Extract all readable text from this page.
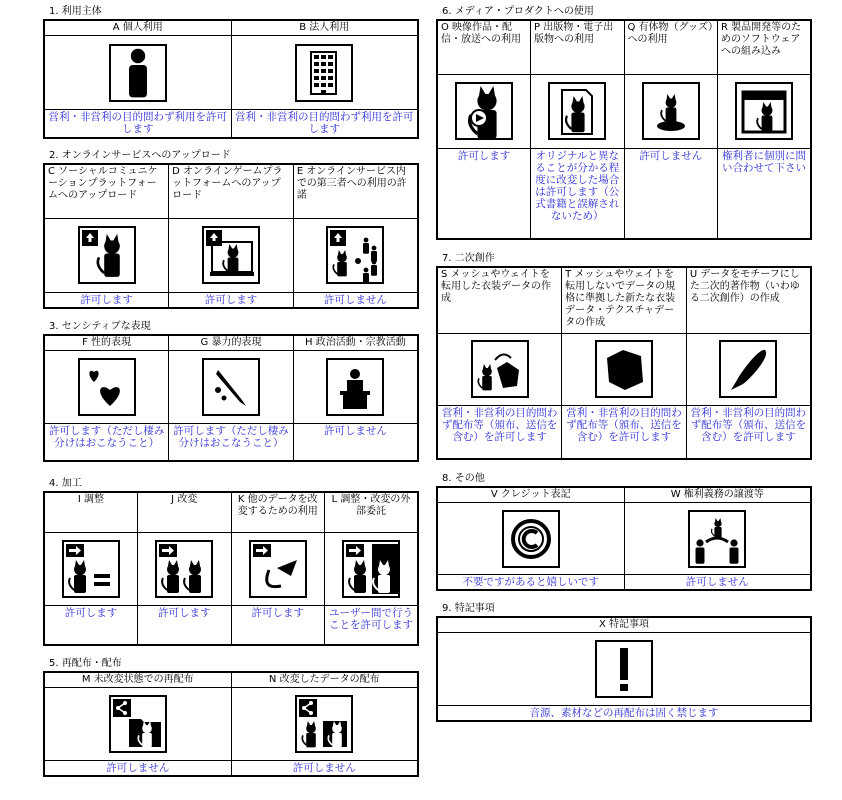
1. 利用主体
A 個人利用	B 法人利用

営利・非営利の目的問わず利用を許可します	営利・非営利の目的問わず利用を許可します
2. オンラインサービスへのアップロード
C ソーシャルコミュニケーションプラットフォームへのアップロード	D オンラインゲームプラットフォームへのアップロード	E オンラインサービス内での第三者への利用の許諾

許可します	許可します	許可しません
3. センシティブな表現
F 性的表現	G 暴力的表現	H 政治活動・宗教活動

許可します（ただし棲み分けはおこなうこと）	許可します（ただし棲み分けはおこなうこと）	許可しません
4. 加工
I 調整	J 改変	K 他のデータを改変するための利用	L 調整・改変の外部委託

許可します	許可します	許可します	ユーザー間で行うことを許可します
5. 再配布・配布
M 未改変状態での再配布	N 改変したデータの配布

許可しません	許可しません
6. メディア・プロダクトへの使用
O 映像作品・配信・放送への利用	P 出版物・電子出版物への利用	Q 有体物（グッズ）への利用	R 製品開発等のためのソフトウェアへの組み込み

許可します	オリジナルと異なることが分かる程度に改変した場合は許可します（公式書籍と誤解されないため）	許可しません	権利者に個別に問い合わせて下さい
7. 二次創作
S メッシュやウェイトを転用した衣装データの作成	T メッシュやウェイトを転用しないでデータの規格に準拠した新たな衣装データ・テクスチャデータの作成	U データをモチーフにした二次的著作物（いわゆる二次創作）の作成

営利・非営利の目的問わず配布等（頒布、送信を含む）を許可します	営利・非営利の目的問わず配布等（頒布、送信を含む）を許可します	営利・非営利の目的問わず配布等（頒布、送信を含む）を許可します
8. その他
V クレジット表記	W 権利義務の譲渡等

不要ですがあると嬉しいです	許可しません
9. 特記事項
X 特記事項

音源、素材などの再配布は固く禁じます
